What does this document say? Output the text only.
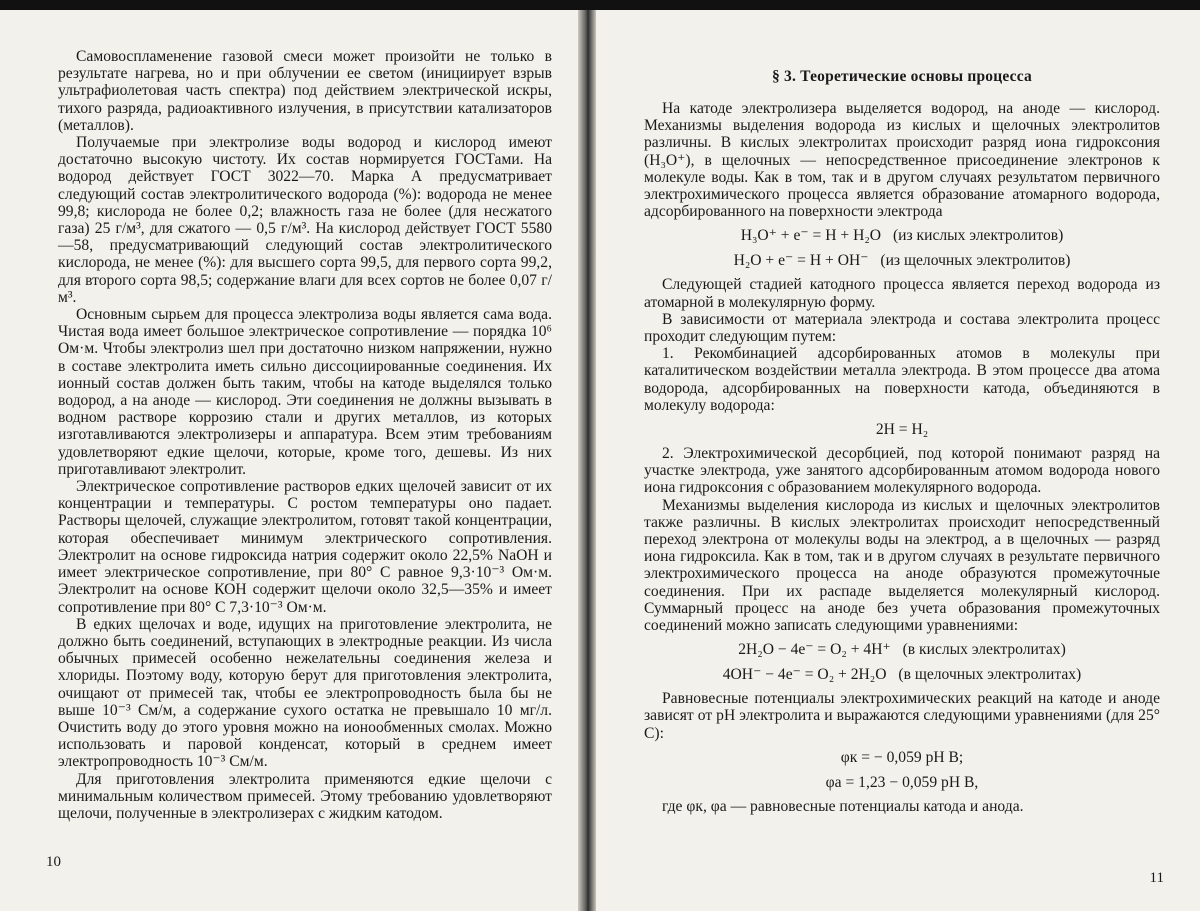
Самовоспламенение газовой смеси может произойти не только в результате нагрева, но и при облучении ее светом (инициирует взрыв ультрафиолетовая часть спектра) под действием электрической искры, тихого разряда, радиоактивного излучения, в присутствии катализаторов (металлов).

Получаемые при электролизе воды водород и кислород имеют достаточно высокую чистоту. Их состав нормируется ГОСТами. На водород действует ГОСТ 3022—70. Марка А предусматривает следующий состав электролитического водорода (%): водорода не менее 99,8; кислорода не более 0,2; влажность газа не более (для несжатого газа) 25 г/м³, для сжатого — 0,5 г/м³. На кислород действует ГОСТ 5580—58, предусматривающий следующий состав электролитического кислорода, не менее (%): для высшего сорта 99,5, для первого сорта 99,2, для второго сорта 98,5; содержание влаги для всех сортов не более 0,07 г/м³.

Основным сырьем для процесса электролиза воды является сама вода. Чистая вода имеет большое электрическое сопротивление — порядка 10⁶ Ом·м. Чтобы электролиз шел при достаточно низком напряжении, нужно в составе электролита иметь сильно диссоциированные соединения. Их ионный состав должен быть таким, чтобы на катоде выделялся только водород, а на аноде — кислород. Эти соединения не должны вызывать в водном растворе коррозию стали и других металлов, из которых изготавливаются электролизеры и аппаратура. Всем этим требованиям удовлетворяют едкие щелочи, которые, кроме того, дешевы. Из них приготавливают электролит.

Электрическое сопротивление растворов едких щелочей зависит от их концентрации и температуры. С ростом температуры оно падает. Растворы щелочей, служащие электролитом, готовят такой концентрации, которая обеспечивает минимум электрического сопротивления. Электролит на основе гидроксида натрия содержит около 22,5% NaOH и имеет электрическое сопротивление, при 80° С равное 9,3·10⁻³ Ом·м. Электролит на основе КОН содержит щелочи около 32,5—35% и имеет сопротивление при 80° С 7,3·10⁻³ Ом·м.

В едких щелочах и воде, идущих на приготовление электролита, не должно быть соединений, вступающих в электродные реакции. Из числа обычных примесей особенно нежелательны соединения железа и хлориды. Поэтому воду, которую берут для приготовления электролита, очищают от примесей так, чтобы ее электропроводность была бы не выше 10⁻³ См/м, а содержание сухого остатка не превышало 10 мг/л. Очистить воду до этого уровня можно на ионообменных смолах. Можно использовать и паровой конденсат, который в среднем имеет электропроводность 10⁻³ См/м.

Для приготовления электролита применяются едкие щелочи с минимальным количеством примесей. Этому требованию удовлетворяют щелочи, полученные в электролизерах с жидким катодом.

10
§ 3. Теоретические основы процесса

На катоде электролизера выделяется водород, на аноде — кислород. Механизмы выделения водорода из кислых и щелочных электролитов различны. В кислых электролитах происходит разряд иона гидроксония (H₃O⁺), в щелочных — непосредственное присоединение электронов к молекуле воды. Как в том, так и в другом случаях результатом первичного электрохимического процесса является образование атомарного водорода, адсорбированного на поверхности электрода

H₃O⁺ + e⁻ = H + H₂O (из кислых электролитов)
H₂O + e⁻ = H + OH⁻ (из щелочных электролитов)

Следующей стадией катодного процесса является переход водорода из атомарной в молекулярную форму.

В зависимости от материала электрода и состава электролита процесс проходит следующим путем:

1. Рекомбинацией адсорбированных атомов в молекулы при каталитическом воздействии металла электрода. В этом процессе два атома водорода, адсорбированных на поверхности катода, объединяются в молекулу водорода:

2H = H₂

2. Электрохимической десорбцией, под которой понимают разряд на участке электрода, уже занятого адсорбированным атомом водорода нового иона гидроксония с образованием молекулярного водорода.

Механизмы выделения кислорода из кислых и щелочных электролитов также различны. В кислых электролитах происходит непосредственный переход электрона от молекулы воды на электрод, а в щелочных — разряд иона гидроксила. Как в том, так и в другом случаях в результате первичного электрохимического процесса на аноде образуются промежуточные соединения. При их распаде выделяется молекулярный кислород. Суммарный процесс на аноде без учета образования промежуточных соединений можно записать следующими уравнениями:

2H₂O − 4e⁻ = O₂ + 4H⁺ (в кислых электролитах)
4OH⁻ − 4e⁻ = O₂ + 2H₂O (в щелочных электролитах)

Равновесные потенциалы электрохимических реакций на катоде и аноде зависят от pH электролита и выражаются следующими уравнениями (для 25° С):

φк = − 0,059 pH В;
φа = 1,23 − 0,059 pH В,

где φк, φа — равновесные потенциалы катода и анода.

11
